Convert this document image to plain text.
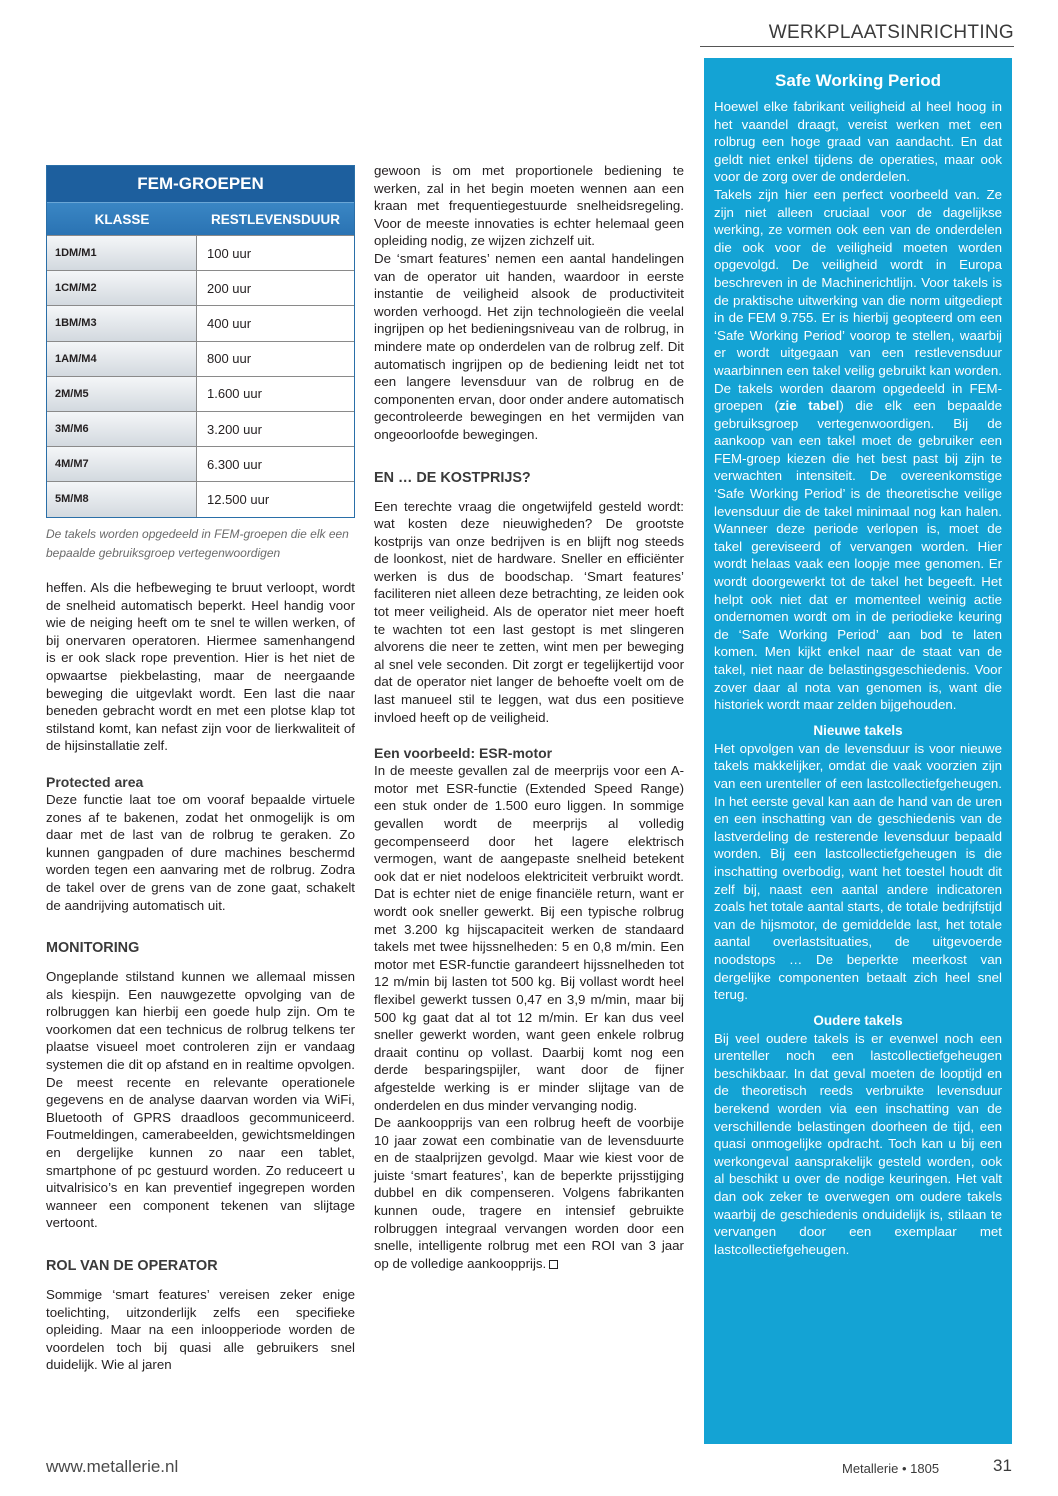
WERKPLAATSINRICHTING
FEM-GROEPEN
KLASSE	RESTLEVENSDUUR
1DM/M1	100 uur
1CM/M2	200 uur
1BM/M3	400 uur
1AM/M4	800 uur
2M/M5	1.600 uur
3M/M6	3.200 uur
4M/M7	6.300 uur
5M/M8	12.500 uur
De takels worden opgedeeld in FEM-groepen die elk een bepaalde gebruiksgroep vertegenwoordigen

heffen. Als die hefbeweging te bruut verloopt, wordt de snelheid automatisch beperkt. Heel handig voor wie de neiging heeft om te snel te willen werken, of bij onervaren operatoren. Hiermee samenhangend is er ook slack rope prevention. Hier is het niet de opwaartse piekbelasting, maar de neergaande beweging die uitgevlakt wordt. Een last die naar beneden gebracht wordt en met een plotse klap tot stilstand komt, kan nefast zijn voor de lierkwaliteit of de hijsinstallatie zelf.

Protected area

Deze functie laat toe om vooraf bepaalde virtuele zones af te bakenen, zodat het onmogelijk is om daar met de last van de rolbrug te geraken. Zo kunnen gangpaden of dure machines beschermd worden tegen een aanvaring met de rolbrug. Zodra de takel over de grens van de zone gaat, schakelt de aandrijving automatisch uit.

MONITORING

Ongeplande stilstand kunnen we allemaal missen als kiespijn. Een nauwgezette opvolging van de rolbruggen kan hierbij een goede hulp zijn. Om te voorkomen dat een technicus de rolbrug telkens ter plaatse visueel moet controleren zijn er vandaag systemen die dit op afstand en in realtime opvolgen. De meest recente en relevante operationele gegevens en de analyse daarvan worden via WiFi, Bluetooth of GPRS draadloos gecommuniceerd. Foutmeldingen, camerabeelden, gewichtsmeldingen en dergelijke kunnen zo naar een tablet, smartphone of pc gestuurd worden. Zo reduceert u uitvalrisico’s en kan preventief ingegrepen worden wanneer een component tekenen van slijtage vertoont.

ROL VAN DE OPERATOR

Sommige ‘smart features’ vereisen zeker enige toelichting, uitzonderlijk zelfs een specifieke opleiding. Maar na een inloopperiode worden de voordelen toch bij quasi alle gebruikers snel duidelijk. Wie al jaren

gewoon is om met proportionele bediening te werken, zal in het begin moeten wennen aan een kraan met frequentiegestuurde snelheidsregeling. Voor de meeste innovaties is echter helemaal geen opleiding nodig, ze wijzen zichzelf uit.

De ‘smart features’ nemen een aantal handelingen van de operator uit handen, waardoor in eerste instantie de veiligheid alsook de productiviteit worden verhoogd. Het zijn technologieën die veelal ingrijpen op het bedieningsniveau van de rolbrug, in mindere mate op onderdelen van de rolbrug zelf. Dit automatisch ingrijpen op de bediening leidt net tot een langere levensduur van de rolbrug en de componenten ervan, door onder andere automatisch gecontroleerde bewegingen en het vermijden van ongeoorloofde bewegingen.

EN … DE KOSTPRIJS?

Een terechte vraag die ongetwijfeld gesteld wordt: wat kosten deze nieuwigheden? De grootste kostprijs van onze bedrijven is en blijft nog steeds de loonkost, niet de hardware. Sneller en efficiënter werken is dus de boodschap. ‘Smart features’ faciliteren niet alleen deze betrachting, ze leiden ook tot meer veiligheid. Als de operator niet meer hoeft te wachten tot een last gestopt is met slingeren alvorens die neer te zetten, wint men per beweging al snel vele seconden. Dit zorgt er tegelijkertijd voor dat de operator niet langer de behoefte voelt om de last manueel stil te leggen, wat dus een positieve invloed heeft op de veiligheid.

Een voorbeeld: ESR-motor

In de meeste gevallen zal de meerprijs voor een A-motor met ESR-functie (Extended Speed Range) een stuk onder de 1.500 euro liggen. In sommige gevallen wordt de meerprijs al volledig gecompenseerd door het lagere elektrisch vermogen, want de aangepaste snelheid betekent ook dat er niet nodeloos elektriciteit verbruikt wordt. Dat is echter niet de enige financiële return, want er wordt ook sneller gewerkt. Bij een typische rolbrug met 3.200 kg hijscapaciteit werken de standaard takels met twee hijssnelheden: 5 en 0,8 m/min. Een motor met ESR-functie garandeert hijssnelheden tot 12 m/min bij lasten tot 500 kg. Bij vollast wordt heel flexibel gewerkt tussen 0,47 en 3,9 m/min, maar bij 500 kg gaat dat al tot 12 m/min. Er kan dus veel sneller gewerkt worden, want geen enkele rolbrug draait continu op vollast. Daarbij komt nog een derde besparingspijler, want door de fijner afgestelde werking is er minder slijtage van de onderdelen en dus minder vervanging nodig.

De aankoopprijs van een rolbrug heeft de voorbije 10 jaar zowat een combinatie van de levensduurte en de staalprijzen gevolgd. Maar wie kiest voor de juiste ‘smart features’, kan de beperkte prijsstijging dubbel en dik compenseren. Volgens fabrikanten kunnen oude, tragere en intensief gebruikte rolbruggen integraal vervangen worden door een snelle, intelligente rolbrug met een ROI van 3 jaar op de volledige aankoopprijs.

Safe Working Period

Hoewel elke fabrikant veiligheid al heel hoog in het vaandel draagt, vereist werken met een rolbrug een hoge graad van aandacht. En dat geldt niet enkel tijdens de operaties, maar ook voor de zorg over de onderdelen.

Takels zijn hier een perfect voorbeeld van. Ze zijn niet alleen cruciaal voor de dagelijkse werking, ze vormen ook een van de onderdelen die ook voor de veiligheid moeten worden opgevolgd. De veiligheid wordt in Europa beschreven in de Machinerichtlijn. Voor takels is de praktische uitwerking van die norm uitgediept in de FEM 9.755. Er is hierbij geopteerd om een ‘Safe Working Period’ voorop te stellen, waarbij er wordt uitgegaan van een restlevensduur waarbinnen een takel veilig gebruikt kan worden. De takels worden daarom opgedeeld in FEM-groepen (zie tabel) die elk een bepaalde gebruiksgroep vertegenwoordigen. Bij de aankoop van een takel moet de gebruiker een FEM-groep kiezen die het best past bij zijn te verwachten intensiteit. De overeenkomstige ‘Safe Working Period’ is de theoretische veilige levensduur die de takel minimaal nog kan halen. Wanneer deze periode verlopen is, moet de takel gereviseerd of vervangen worden. Hier wordt helaas vaak een loopje mee genomen. Er wordt doorgewerkt tot de takel het begeeft. Het helpt ook niet dat er momenteel weinig actie ondernomen wordt om in de periodieke keuring de ‘Safe Working Period’ aan bod te laten komen. Men kijkt enkel naar de staat van de takel, niet naar de belastingsgeschiedenis. Voor zover daar al nota van genomen is, want die historiek wordt maar zelden bijgehouden.

Nieuwe takels

Het opvolgen van de levensduur is voor nieuwe takels makkelijker, omdat die vaak voorzien zijn van een urenteller of een lastcollectiefgeheugen. In het eerste geval kan aan de hand van de uren en een inschatting van de geschiedenis van de lastverdeling de resterende levensduur bepaald worden. Bij een lastcollectiefgeheugen is die inschatting overbodig, want het toestel houdt dit zelf bij, naast een aantal andere indicatoren zoals het totale aantal starts, de totale bedrijfstijd van de hijsmotor, de gemiddelde last, het totale aantal overlastsituaties, de uitgevoerde noodstops … De beperkte meerkost van dergelijke componenten betaalt zich heel snel terug.

Oudere takels

Bij veel oudere takels is er evenwel noch een urenteller noch een lastcollectiefgeheugen beschikbaar. In dat geval moeten de looptijd en de theoretisch reeds verbruikte levensduur berekend worden via een inschatting van de verschillende belastingen doorheen de tijd, een quasi onmogelijke opdracht. Toch kan u bij een werkongeval aansprakelijk gesteld worden, ook al beschikt u over de nodige keuringen. Het valt dan ook zeker te overwegen om oudere takels waarbij de geschiedenis onduidelijk is, stilaan te vervangen door een exemplaar met lastcollectiefgeheugen.

www.metallerie.nl	Metallerie • 1805	31
